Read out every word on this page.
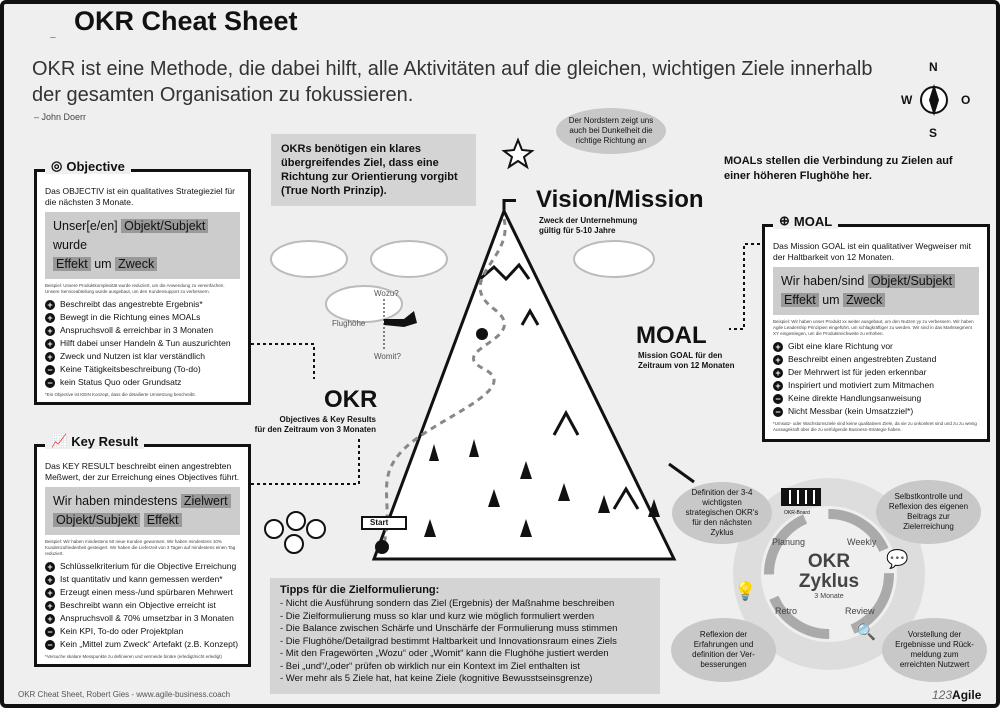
OKR Cheat Sheet
OKR ist eine Methode, die dabei hilft, alle Aktivitäten auf die gleichen, wichtigen Ziele innerhalb der gesamten Organisation zu fokussieren.
– John Doerr
N
S
W	O
OKRs benötigen ein klares übergreifendes Ziel, dass eine Richtung zur Orientierung vorgibt (True North Prinzip).
Der Nordstern zeigt uns auch bei Dunkelheit die richtige Richtung an
MOALs stellen die Verbindung zu Zielen auf einer höheren Flughöhe her.
Wozu?
Womit?
Flughöhe
Start
Vision/Mission
Zweck der Unternehmung
gültig für 5-10 Jahre
MOAL
Mission GOAL für den
Zeitraum von 12 Monaten
OKR
Objectives & Key Results
für den Zeitraum von 3 Monaten
◎ Objective
Das OBJECTIV ist ein qualitatives Strategieziel für die nächsten 3 Monate.
Unser[e/en] Objekt/Subjekt wurde
Effekt um Zweck
Beispiel: Unsere Produktkomplexität wurde reduziert, um die Anwendung zu vereinfachen. Unsere Serviceabteilung wurde ausgebaut, um den Kundensupport zu verbessern.
+ Beschreibt das angestrebte Ergebnis*
+ Bewegt in die Richtung eines MOALs
+ Anspruchsvoll & erreichbar in 3 Monaten
+ Hilft dabei unser Handeln & Tun auszurichten
+ Zweck und Nutzen ist klar verständlich
− Keine Tätigkeitsbeschreibung (To-do)
− kein Status Quo oder Grundsatz
*Ein Objective ist KEIN Konzept, dass die detailierte Umsetzung beschreibt.
📈 Key Result
Das KEY RESULT beschreibt einen angestrebten Meßwert, der zur Erreichung eines Objectives führt.
Wir haben mindestens Zielwert
Objekt/Subjekt Effekt
Beispiel: Wir haben mindestens 50 neue Kunden gewonnen. Wir haben mindestens 10% Kundenzufriedenheit gesteigert. Wir haben die Lieferzeit von 3 Tagen auf mindestens einen Tag reduziert.
+ Schlüsselkriterium für die Objective Erreichung
+ Ist quantitativ und kann gemessen werden*
+ Erzeugt einen mess-/und spürbaren Mehrwert
+ Beschreibt wann ein Objective erreicht ist
+ Anspruchsvoll & 70% umsetzbar in 3 Monaten
− Kein KPI, To-do oder Projektplan
− Kein „Mittel zum Zweck“ Artefakt (z.B. Konzept)
*Versuche skalare Messpunkte zu definieren und vermeide binäre (erledigt/nicht erledigt)
⊕ MOAL
Das Mission GOAL ist ein qualitativer Wegweiser mit der Haltbarkeit von 12 Monaten.
Wir haben/sind Objekt/Subjekt
Effekt um Zweck
Beispiel: Wir haben unser Produkt xx weiter ausgebaut, um den Nutzen yy zu verbessern. Wir haben Agile Leadership Prinzipien eingeführt, um schlagkräftiger zu werden. Wir sind in das Marktsegment XY eingestiegen, um die Produktreichweite zu erhöhen.
+ Gibt eine klare Richtung vor
+ Beschreibt einen angestrebten Zustand
+ Der Mehrwert ist für jeden erkennbar
+ Inspiriert und motiviert zum Mitmachen
− Keine direkte Handlungsanweisung
− Nicht Messbar (kein Umsatzziel*)
*Umsatz- oder Wachstumsziele sind keine qualitativen Ziele, da sie zu unkonkret sind und zu zu wenig Aussagekraft über die zu verfolgende Business-Strategie haben.
Tipps für die Zielformulierung:
- Nicht die Ausführung sondern das Ziel (Ergebnis) der Maßnahme beschreiben
- Die Zielformulierung muss so klar und kurz wie möglich formuliert werden
- Die Balance zwischen Schärfe und Unschärfe der Formulierung muss stimmen
- Die Flughöhe/Detailgrad bestimmt Haltbarkeit und Innovationsraum eines Ziels
- Mit den Fragewörten „Wozu“ oder „Womit“ kann die Flughöhe justiert werden
- Bei „und“/„oder“ prüfen ob wirklich nur ein Kontext im Ziel enthalten ist
- Wer mehr als 5 Ziele hat, hat keine Ziele (kognitive Bewusstseinsgrenze)
OKR
Zyklus
3 Monate
Planung	Weekly
Review
Retro
OKR-Board
💬
💡
🔍
Definition der 3-4 wichtigsten strategischen OKR's für den nächsten Zyklus
Selbstkontrolle und Reflexion des eigenen Beitrags zur Zielerreichung
Vorstellung der Ergebnisse und Rück-meldung zum erreichten Nutzwert
Reflexion der Erfahrungen und definition der Ver-besserungen
OKR Cheat Sheet, Robert Gies - www.agile-business.coach	123Agile
